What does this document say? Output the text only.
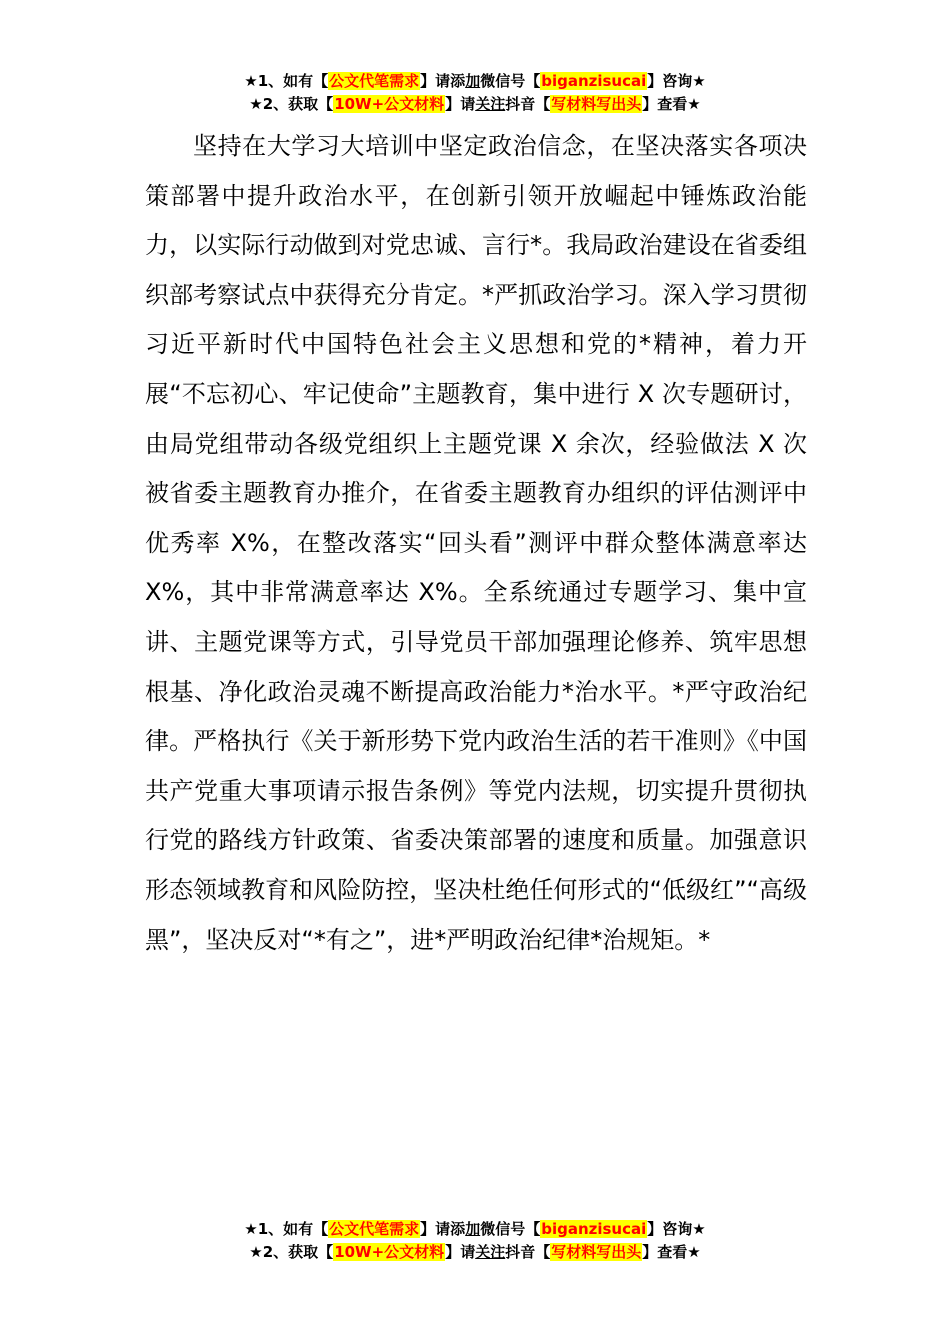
★1、如有【公文代笔需求】请添加微信号【biganzisucai】咨询★
★2、获取【10W+公文材料】请关注抖音【写材料写出头】查看★

坚持在大学习大培训中坚定政治信念，在坚决落实各项决策部署中提升政治水平，在创新引领开放崛起中锤炼政治能力，以实际行动做到对党忠诚、言行*。我局政治建设在省委组织部考察试点中获得充分肯定。*严抓政治学习。深入学习贯彻习近平新时代中国特色社会主义思想和党的*精神，着力开展“不忘初心、牢记使命”主题教育，集中进行 X 次专题研讨，由局党组带动各级党组织上主题党课 X 余次，经验做法 X 次被省委主题教育办推介，在省委主题教育办组织的评估测评中优秀率 X%，在整改落实“回头看”测评中群众整体满意率达 X%，其中非常满意率达 X%。全系统通过专题学习、集中宣讲、主题党课等方式，引导党员干部加强理论修养、筑牢思想根基、净化政治灵魂不断提高政治能力*治水平。*严守政治纪律。严格执行《关于新形势下党内政治生活的若干准则》《中国共产党重大事项请示报告条例》等党内法规，切实提升贯彻执行党的路线方针政策、省委决策部署的速度和质量。加强意识形态领域教育和风险防控，坚决杜绝任何形式的“低级红”“高级黑”，坚决反对“*有之”，进*严明政治纪律*治规矩。*

★1、如有【公文代笔需求】请添加微信号【biganzisucai】咨询★
★2、获取【10W+公文材料】请关注抖音【写材料写出头】查看★
